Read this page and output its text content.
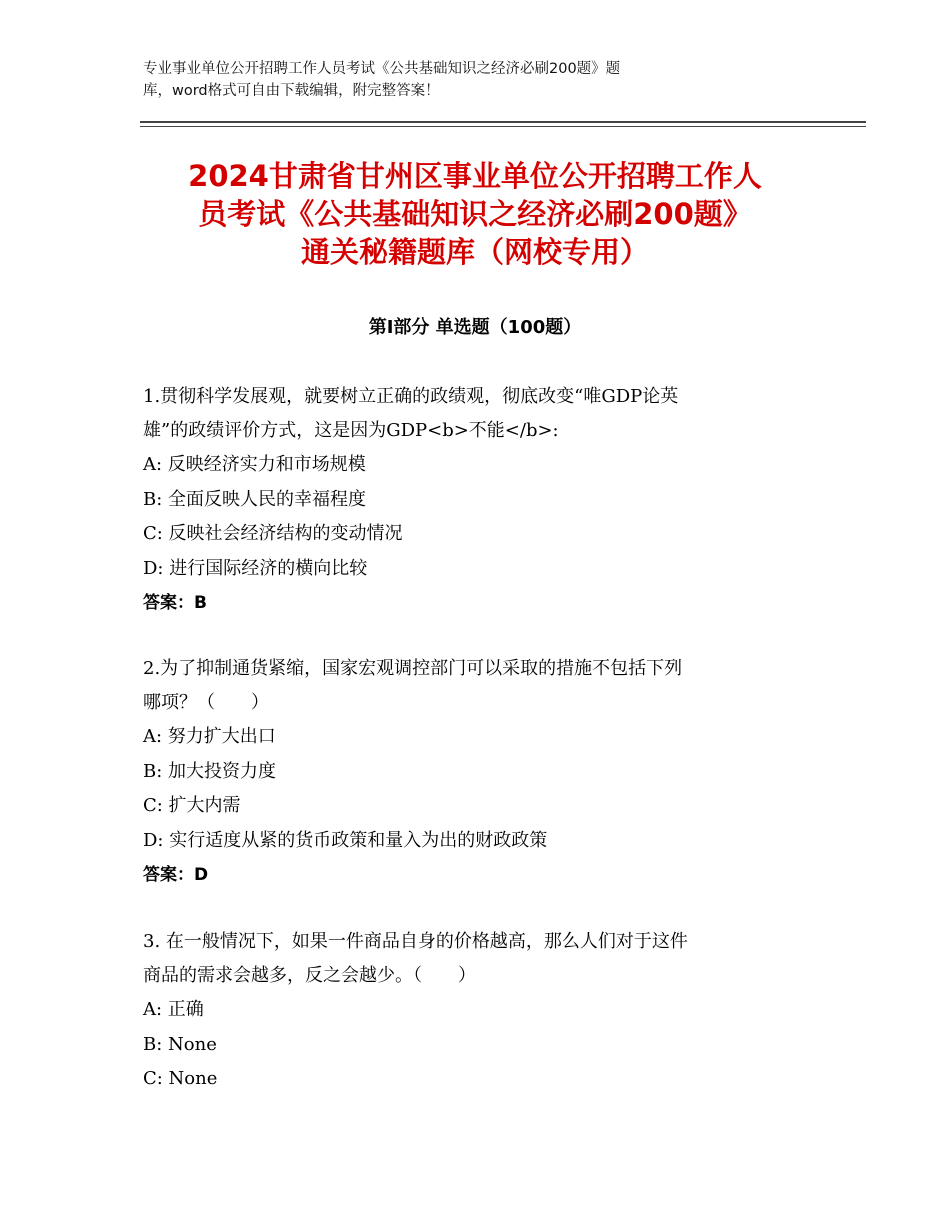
专业事业单位公开招聘工作人员考试《公共基础知识之经济必刷200题》题
库，word格式可自由下载编辑，附完整答案！
2024甘肃省甘州区事业单位公开招聘工作人
员考试《公共基础知识之经济必刷200题》
通关秘籍题库（网校专用）
第Ⅰ部分 单选题（100题）

1.贯彻科学发展观，就要树立正确的政绩观，彻底改变“唯GDP论英

雄”的政绩评价方式，这是因为GDP<b>不能</b>:

A: 反映经济实力和市场规模

B: 全面反映人民的幸福程度

C: 反映社会经济结构的变动情况

D: 进行国际经济的横向比较

答案：B

2.为了抑制通货紧缩，国家宏观调控部门可以采取的措施不包括下列

哪项？（　　）

A: 努力扩大出口

B: 加大投资力度

C: 扩大内需

D: 实行适度从紧的货币政策和量入为出的财政政策

答案：D

3. 在一般情况下，如果一件商品自身的价格越高，那么人们对于这件

商品的需求会越多，反之会越少。（　　）

A: 正确

B: None

C: None
